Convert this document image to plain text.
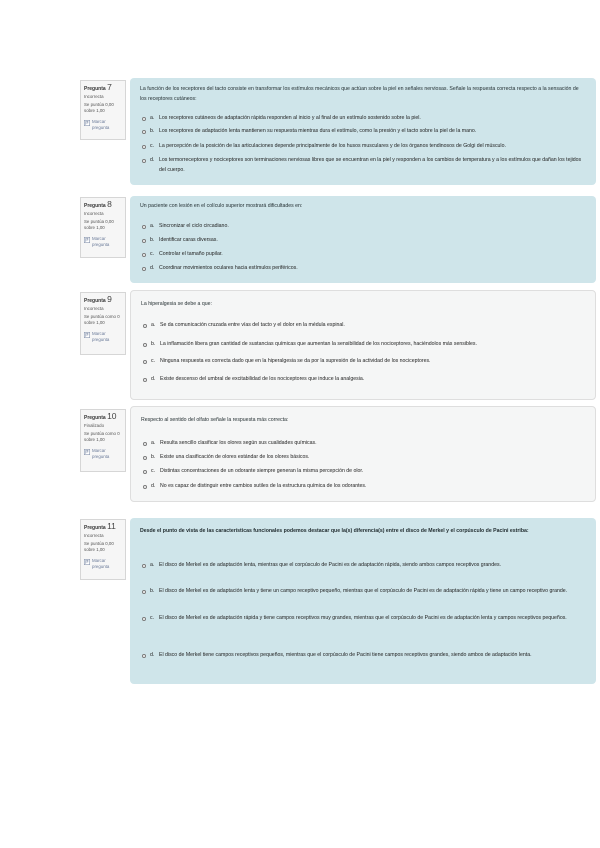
Pregunta 7
Incorrecta
Se puntúa 0,00 sobre 1,00
Marcar pregunta
La función de los receptores del tacto consiste en transformar los estímulos mecánicos que actúan sobre la piel en señales nerviosas. Señale la respuesta correcta respecto a la sensación de los receptores cutáneos:
a. Los receptores cutáneos de adaptación rápida responden al inicio y al final de un estímulo sostenido sobre la piel.
b. Los receptores de adaptación lenta mantienen su respuesta mientras dura el estímulo, como la presión y el tacto sobre la piel de la mano.
c. La percepción de la posición de las articulaciones depende principalmente de los husos musculares y de los órganos tendinosos de Golgi del músculo.
d. Los termorreceptores y nociceptores son terminaciones nerviosas libres que se encuentran en la piel y responden a los cambios de temperatura y a los estímulos que dañan los tejidos del cuerpo.
Pregunta 8
Incorrecta
Se puntúa 0,00 sobre 1,00
Marcar pregunta
Un paciente con lesión en el colículo superior mostrará dificultades en:
a. Sincronizar el ciclo circadiano.
b. Identificar caras diversas.
c. Controlar el tamaño pupilar.
d. Coordinar movimientos oculares hacia estímulos periféricos.
Pregunta 9
Incorrecta
Se puntúa como 0 sobre 1,00
Marcar pregunta
La hiperalgesia se debe a que:
a. Se da comunicación cruzada entre vías del tacto y el dolor en la médula espinal.
b. La inflamación libera gran cantidad de sustancias químicas que aumentan la sensibilidad de los nociceptores, haciéndolos más sensibles.
c. Ninguna respuesta es correcta dado que en la hiperalgesia se da por la supresión de la actividad de los nociceptores.
d. Existe descenso del umbral de excitabilidad de los nociceptores que induce la analgesia.
Pregunta 10
Finalizado
Se puntúa como 0 sobre 1,00
Marcar pregunta
Respecto al sentido del olfato señale la respuesta más correcta:
a. Resulta sencillo clasificar los olores según sus cualidades químicas.
b. Existe una clasificación de olores estándar de los olores básicos.
c. Distintas concentraciones de un odorante siempre generan la misma percepción de olor.
d. No es capaz de distinguir entre cambios sutiles de la estructura química de los odorantes.
Pregunta 11
Incorrecta
Se puntúa 0,00 sobre 1,00
Marcar pregunta
Desde el punto de vista de las características funcionales podemos destacar que la(s) diferencia(s) entre el disco de Merkel y el corpúsculo de Pacini estriba:
a. El disco de Merkel es de adaptación lenta, mientras que el corpúsculo de Pacini es de adaptación rápida, siendo ambos campos receptivos grandes.
b. El disco de Merkel es de adaptación lenta y tiene un campo receptivo pequeño, mientras que el corpúsculo de Pacini es de adaptación rápida y tiene un campo receptivo grande.
c. El disco de Merkel es de adaptación rápida y tiene campos receptivos muy grandes, mientras que el corpúsculo de Pacini es de adaptación lenta y campos receptivos pequeños.
d. El disco de Merkel tiene campos receptivos pequeños, mientras que el corpúsculo de Pacini tiene campos receptivos grandes, siendo ambos de adaptación lenta.
